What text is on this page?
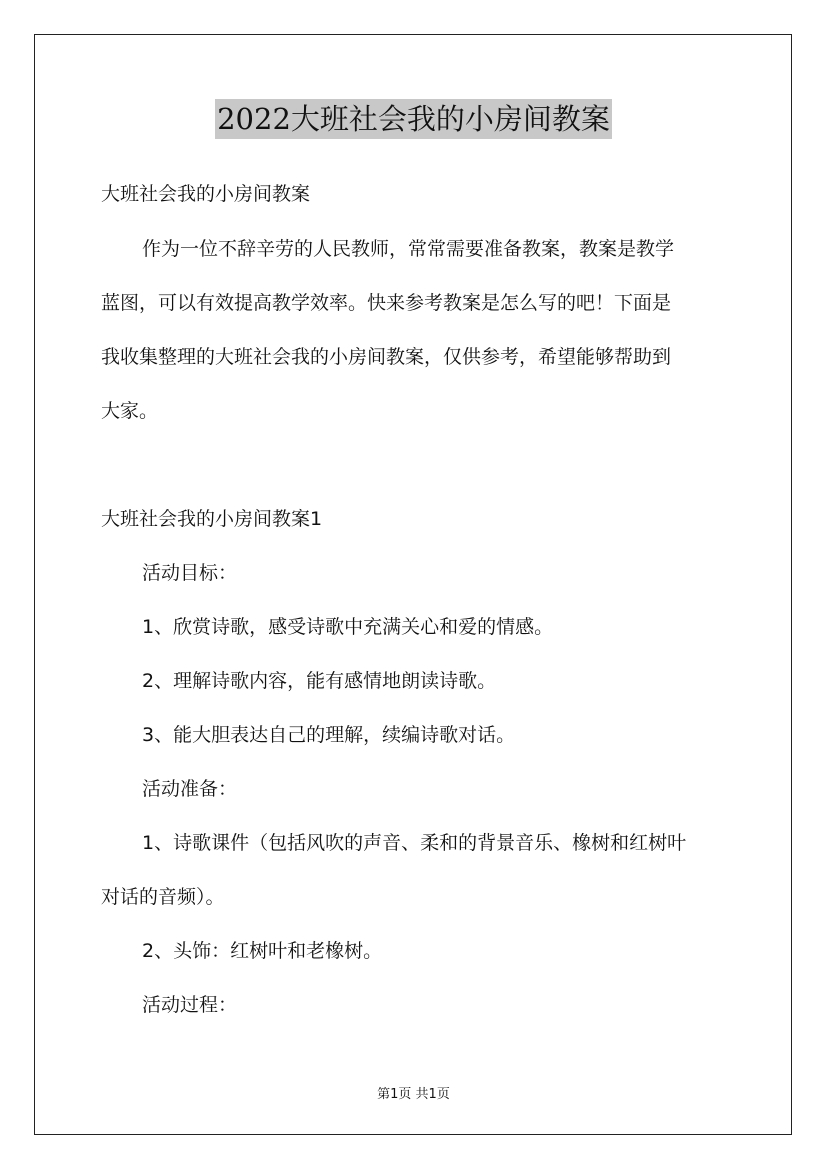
2022大班社会我的小房间教案
大班社会我的小房间教案
作为一位不辞辛劳的人民教师，常常需要准备教案，教案是教学
蓝图，可以有效提高教学效率。快来参考教案是怎么写的吧！下面是
我收集整理的大班社会我的小房间教案，仅供参考，希望能够帮助到
大家。
大班社会我的小房间教案1
活动目标：
1、欣赏诗歌，感受诗歌中充满关心和爱的情感。
2、理解诗歌内容，能有感情地朗读诗歌。
3、能大胆表达自己的理解，续编诗歌对话。
活动准备：
1、诗歌课件（包括风吹的声音、柔和的背景音乐、橡树和红树叶
对话的音频）。
2、头饰：红树叶和老橡树。
活动过程：
第1页 共1页
